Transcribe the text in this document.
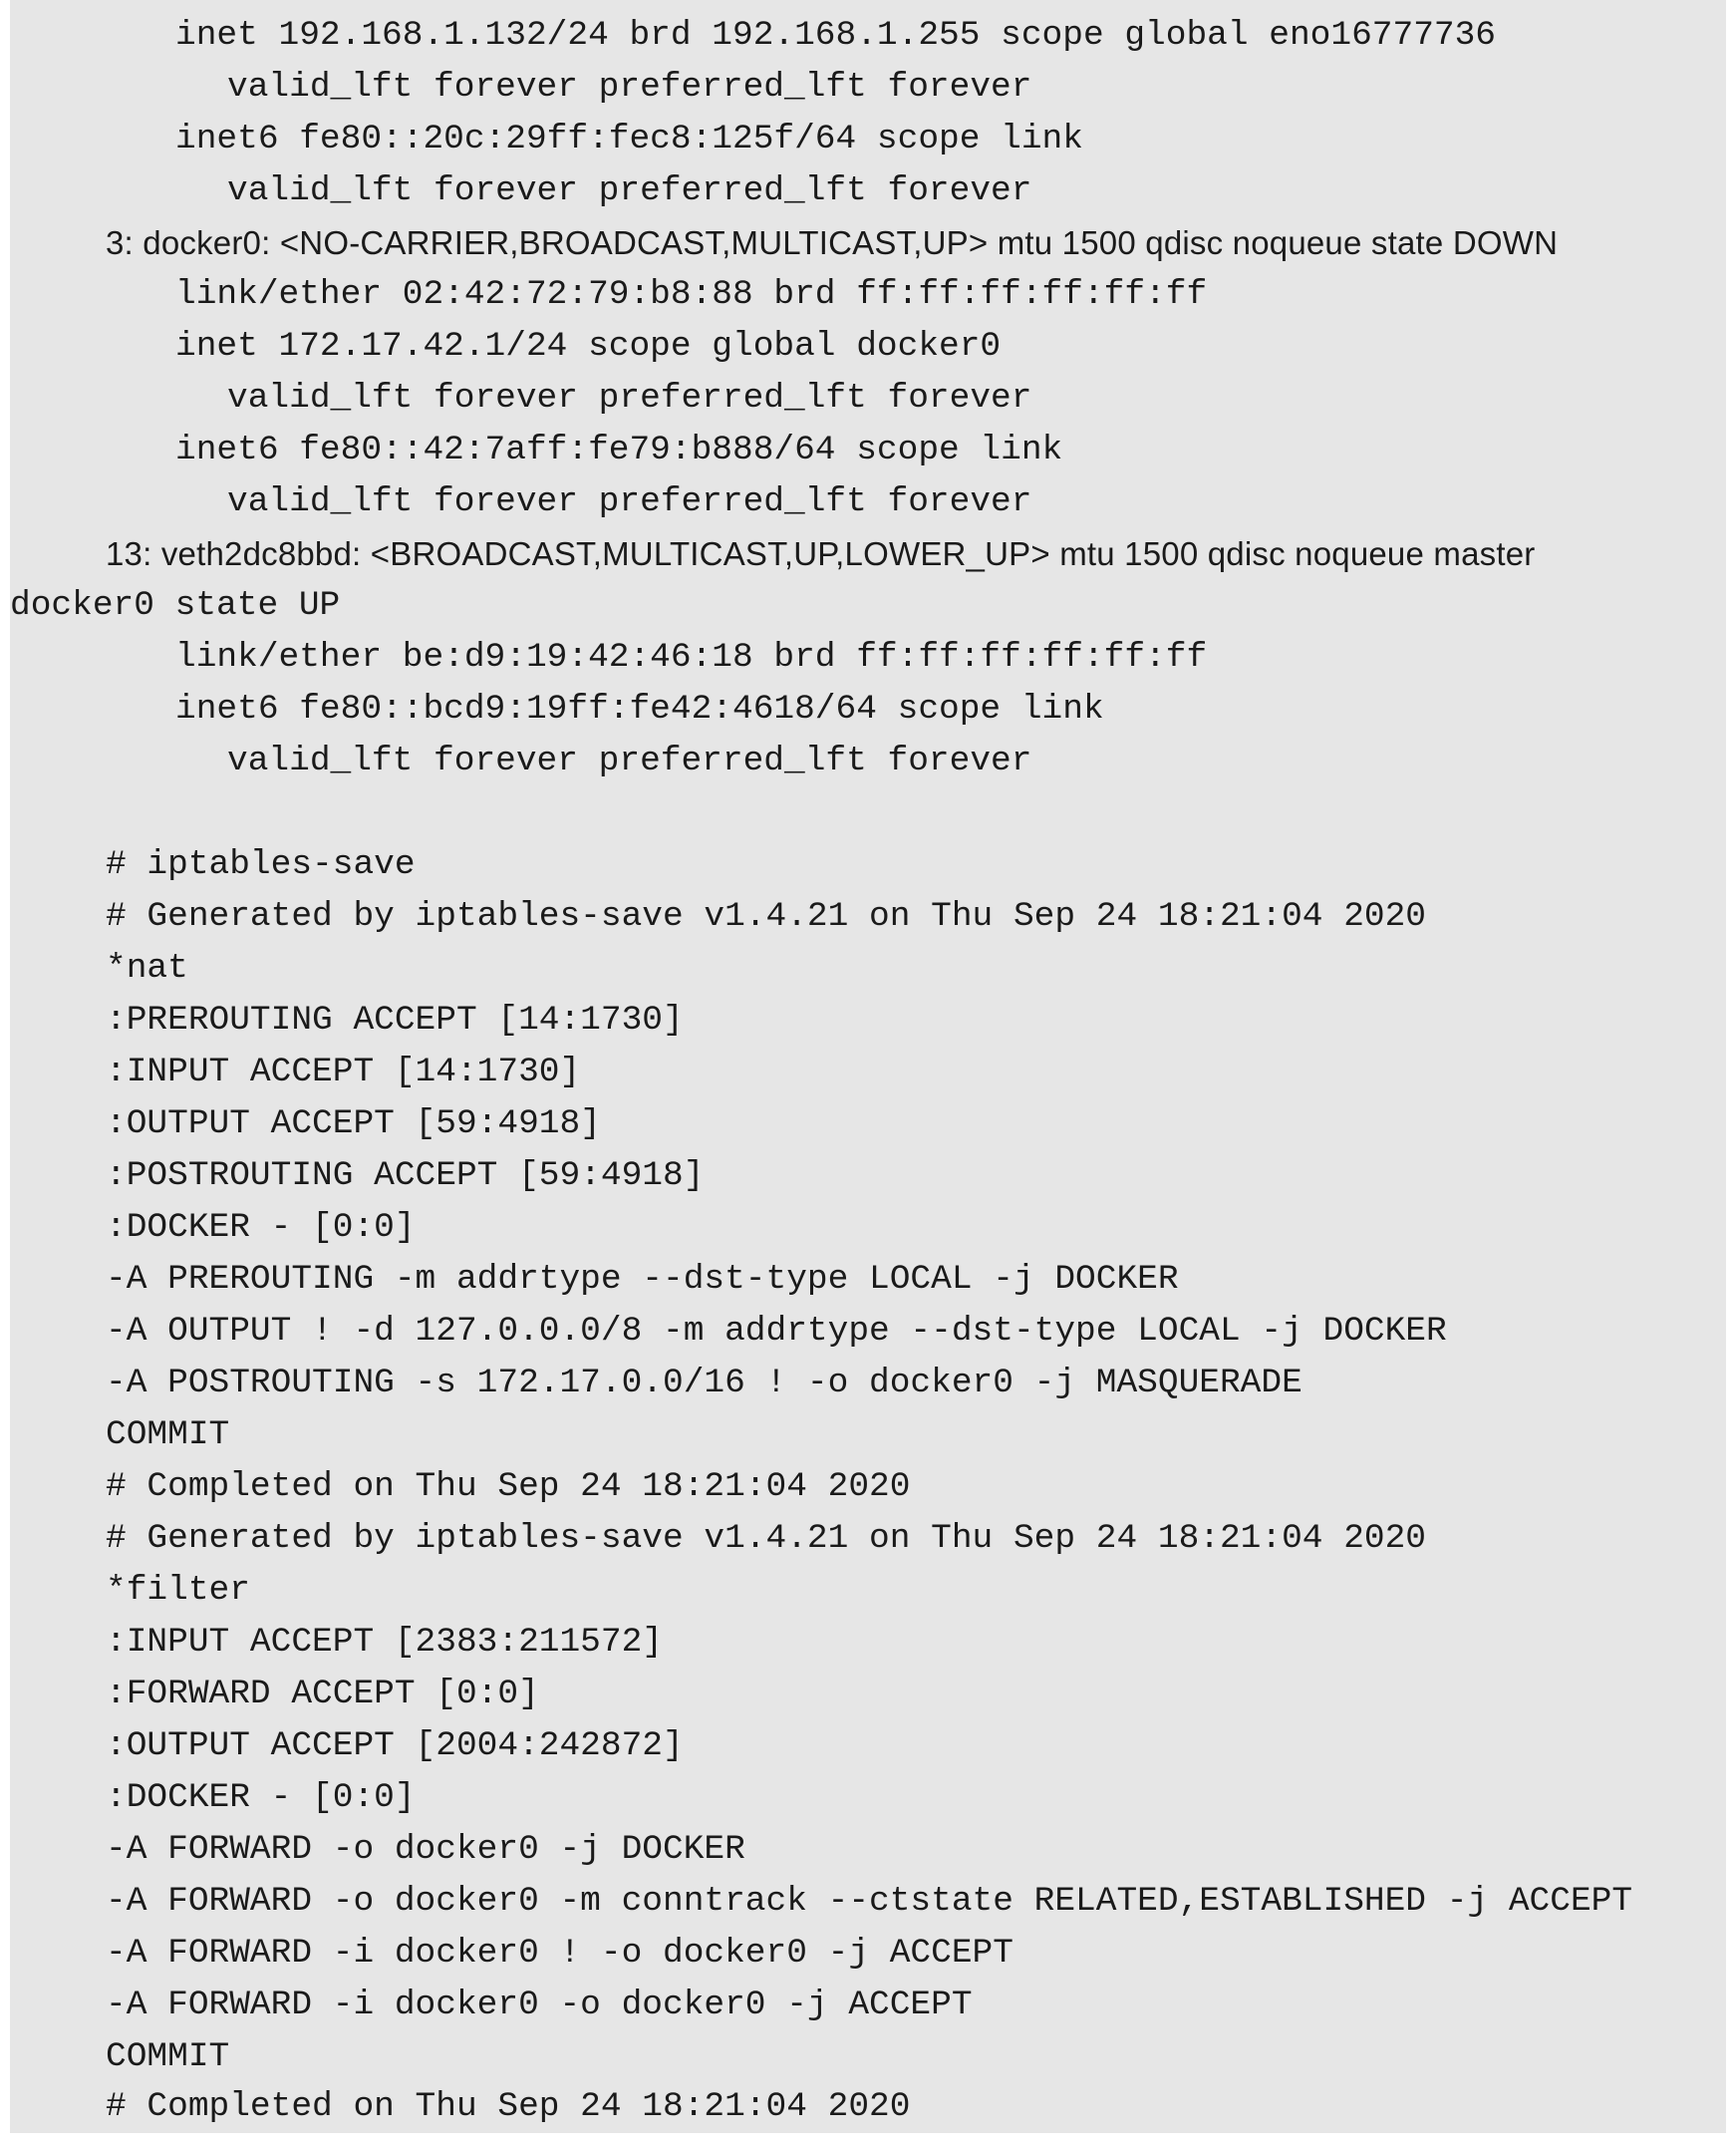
inet 192.168.1.132/24 brd 192.168.1.255 scope global eno16777736
valid_lft forever preferred_lft forever
inet6 fe80::20c:29ff:fec8:125f/64 scope link
valid_lft forever preferred_lft forever
3: docker0: <NO-CARRIER,BROADCAST,MULTICAST,UP> mtu 1500 qdisc noqueue state DOWN
link/ether 02:42:72:79:b8:88 brd ff:ff:ff:ff:ff:ff
inet 172.17.42.1/24 scope global docker0
valid_lft forever preferred_lft forever
inet6 fe80::42:7aff:fe79:b888/64 scope link
valid_lft forever preferred_lft forever
13: veth2dc8bbd: <BROADCAST,MULTICAST,UP,LOWER_UP> mtu 1500 qdisc noqueue master
docker0 state UP
link/ether be:d9:19:42:46:18 brd ff:ff:ff:ff:ff:ff
inet6 fe80::bcd9:19ff:fe42:4618/64 scope link
valid_lft forever preferred_lft forever
# iptables-save
# Generated by iptables-save v1.4.21 on Thu Sep 24 18:21:04 2020
*nat
:PREROUTING ACCEPT [14:1730]
:INPUT ACCEPT [14:1730]
:OUTPUT ACCEPT [59:4918]
:POSTROUTING ACCEPT [59:4918]
:DOCKER - [0:0]
-A PREROUTING -m addrtype --dst-type LOCAL -j DOCKER
-A OUTPUT ! -d 127.0.0.0/8 -m addrtype --dst-type LOCAL -j DOCKER
-A POSTROUTING -s 172.17.0.0/16 ! -o docker0 -j MASQUERADE
COMMIT
# Completed on Thu Sep 24 18:21:04 2020
# Generated by iptables-save v1.4.21 on Thu Sep 24 18:21:04 2020
*filter
:INPUT ACCEPT [2383:211572]
:FORWARD ACCEPT [0:0]
:OUTPUT ACCEPT [2004:242872]
:DOCKER - [0:0]
-A FORWARD -o docker0 -j DOCKER
-A FORWARD -o docker0 -m conntrack --ctstate RELATED,ESTABLISHED -j ACCEPT
-A FORWARD -i docker0 ! -o docker0 -j ACCEPT
-A FORWARD -i docker0 -o docker0 -j ACCEPT
COMMIT
# Completed on Thu Sep 24 18:21:04 2020
